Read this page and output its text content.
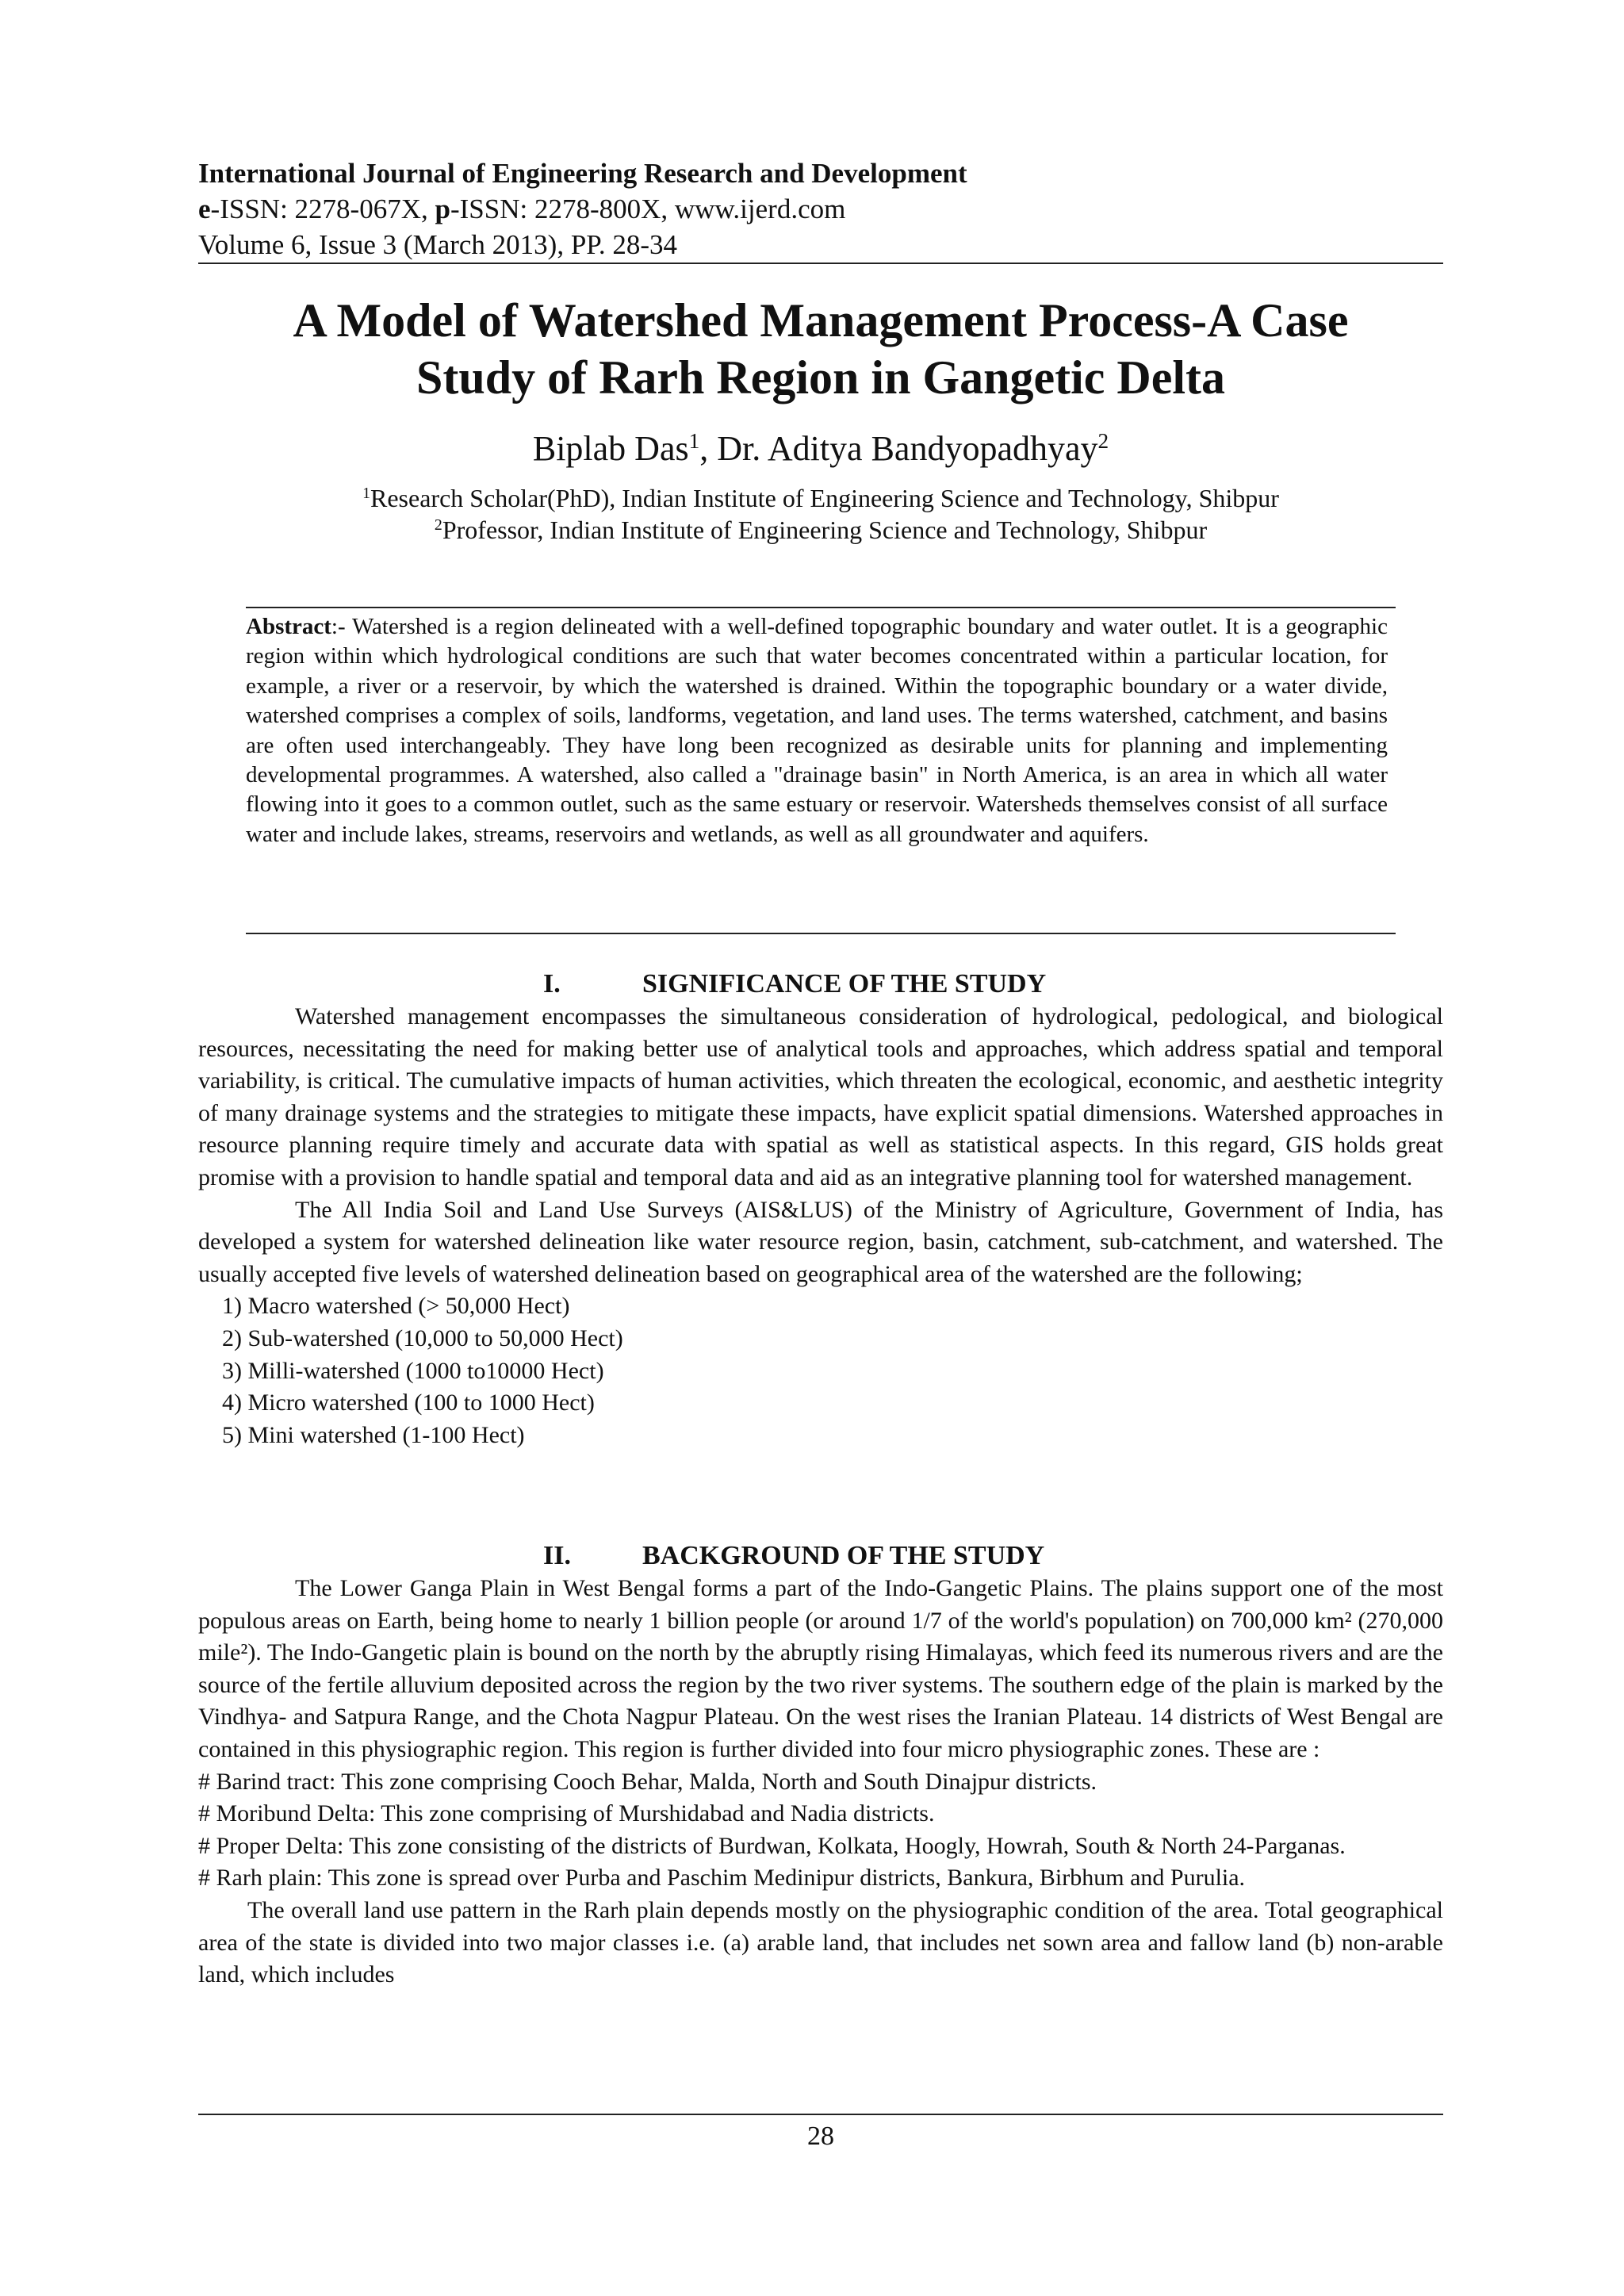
International Journal of Engineering Research and Development
e-ISSN: 2278-067X, p-ISSN: 2278-800X, www.ijerd.com
Volume 6, Issue 3 (March 2013), PP. 28-34
A Model of Watershed Management Process-A Case
Study of Rarh Region in Gangetic Delta
Biplab Das$^1$, Dr. Aditya Bandyopadhyay$^2$
$^1$Research Scholar(PhD), Indian Institute of Engineering Science and Technology, Shibpur
$^2$Professor, Indian Institute of Engineering Science and Technology, Shibpur
Abstract:- Watershed is a region delineated with a well-defined topographic boundary and water outlet. It is a geographic region within which hydrological conditions are such that water becomes concentrated within a particular location, for example, a river or a reservoir, by which the watershed is drained. Within the topographic boundary or a water divide, watershed comprises a complex of soils, landforms, vegetation, and land uses. The terms watershed, catchment, and basins are often used interchangeably. They have long been recognized as desirable units for planning and implementing developmental programmes. A watershed, also called a "drainage basin" in North America, is an area in which all water flowing into it goes to a common outlet, such as the same estuary or reservoir. Watersheds themselves consist of all surface water and include lakes, streams, reservoirs and wetlands, as well as all groundwater and aquifers.
I.	SIGNIFICANCE OF THE STUDY

Watershed management encompasses the simultaneous consideration of hydrological, pedological, and biological resources, necessitating the need for making better use of analytical tools and approaches, which address spatial and temporal variability, is critical. The cumulative impacts of human activities, which threaten the ecological, economic, and aesthetic integrity of many drainage systems and the strategies to mitigate these impacts, have explicit spatial dimensions. Watershed approaches in resource planning require timely and accurate data with spatial as well as statistical aspects. In this regard, GIS holds great promise with a provision to handle spatial and temporal data and aid as an integrative planning tool for watershed management.

The All India Soil and Land Use Surveys (AIS&LUS) of the Ministry of Agriculture, Government of India, has developed a system for watershed delineation like water resource region, basin, catchment, sub-catchment, and watershed. The usually accepted five levels of watershed delineation based on geographical area of the watershed are the following;

1) Macro watershed (> 50,000 Hect)
2) Sub-watershed (10,000 to 50,000 Hect)
3) Milli-watershed (1000 to10000 Hect)
4) Micro watershed (100 to 1000 Hect)
5) Mini watershed (1-100 Hect)
II.	BACKGROUND OF THE STUDY

The Lower Ganga Plain in West Bengal forms a part of the Indo-Gangetic Plains. The plains support one of the most populous areas on Earth, being home to nearly 1 billion people (or around 1/7 of the world's population) on 700,000 km² (270,000 mile²). The Indo-Gangetic plain is bound on the north by the abruptly rising Himalayas, which feed its numerous rivers and are the source of the fertile alluvium deposited across the region by the two river systems. The southern edge of the plain is marked by the Vindhya- and Satpura Range, and the Chota Nagpur Plateau. On the west rises the Iranian Plateau. 14 districts of West Bengal are contained in this physiographic region. This region is further divided into four micro physiographic zones. These are :

# Barind tract: This zone comprising Cooch Behar, Malda, North and South Dinajpur districts.
# Moribund Delta: This zone comprising of Murshidabad and Nadia districts.
# Proper Delta: This zone consisting of the districts of Burdwan, Kolkata, Hoogly, Howrah, South & North 24-Parganas.
# Rarh plain: This zone is spread over Purba and Paschim Medinipur districts, Bankura, Birbhum and Purulia.

The overall land use pattern in the Rarh plain depends mostly on the physiographic condition of the area. Total geographical area of the state is divided into two major classes i.e. (a) arable land, that includes net sown area and fallow land (b) non-arable land, which includes

28
